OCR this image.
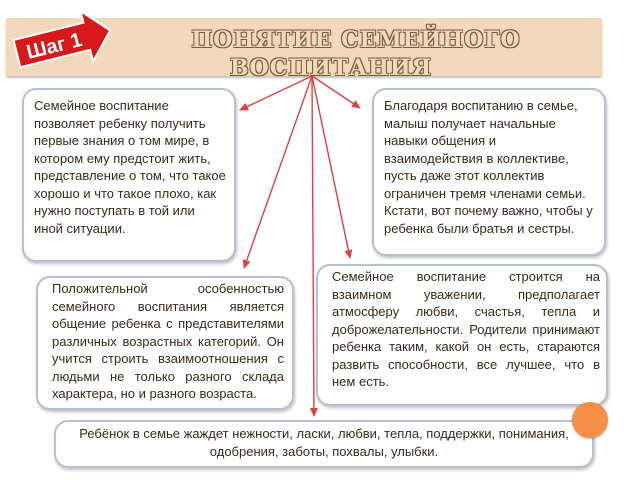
ПОНЯТИЕ СЕМЕЙНОГО
ВОСПИТАНИЯ
Шаг 1

Семейное воспитание позволяет ребенку получить первые знания о том мире, в котором ему предстоит жить, представление о том, что такое хорошо и что такое плохо, как нужно поступать в той или иной ситуации.

Благодаря воспитанию в семье, малыш получает начальные навыки общения и взаимодействия в коллективе, пусть даже этот коллектив ограничен тремя членами семьи. Кстати, вот почему важно, чтобы у ребенка были братья и сестры.

Положительной особенностью семейного воспитания является общение ребенка с представителями различных возрастных категорий. Он учится строить взаимоотношения с людьми не только разного склада характера, но и разного возраста.

Семейное воспитание строится на взаимном уважении, предполагает атмосферу любви, счастья, тепла и доброжелательности. Родители принимают ребенка таким, какой он есть, стараются развить способности, все лучшее, что в нем есть.

Ребёнок в семье жаждет нежности, ласки, любви, тепла, поддержки, понимания, одобрения, заботы, похвалы, улыбки.
